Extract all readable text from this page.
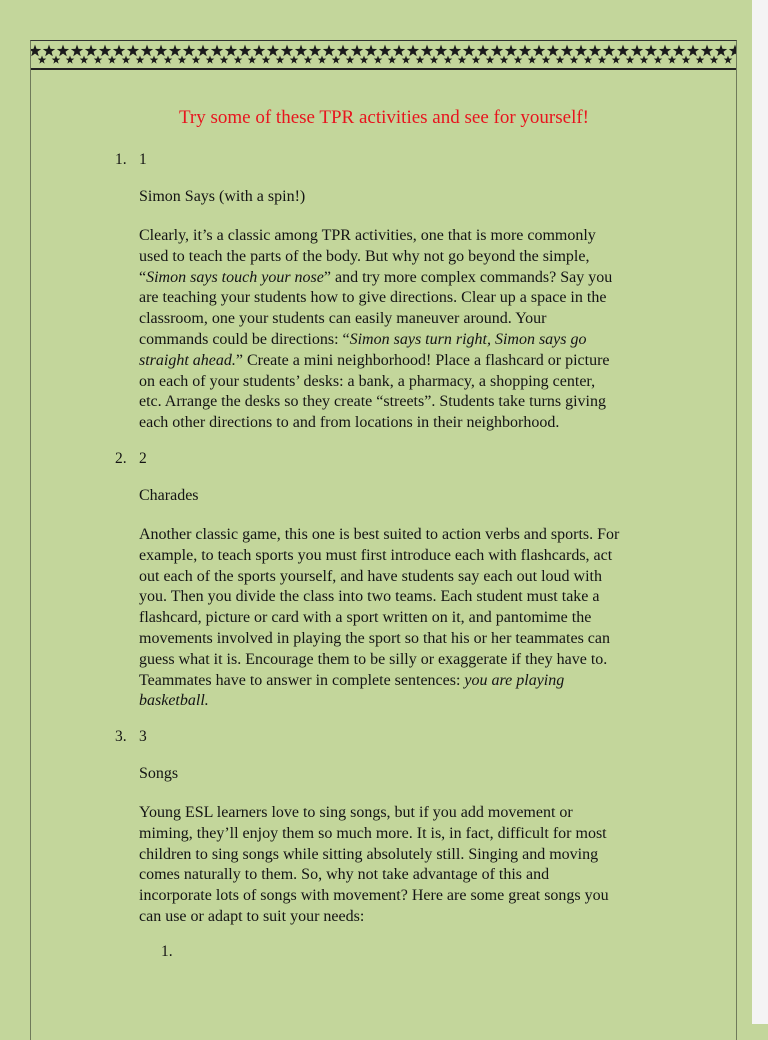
Try some of these TPR activities and see for yourself!
1. 1
Simon Says (with a spin!)
Clearly, it’s a classic among TPR activities, one that is more commonly
used to teach the parts of the body. But why not go beyond the simple,
“Simon says touch your nose” and try more complex commands? Say you
are teaching your students how to give directions. Clear up a space in the
classroom, one your students can easily maneuver around. Your
commands could be directions: “Simon says turn right, Simon says go
straight ahead.” Create a mini neighborhood! Place a flashcard or picture
on each of your students’ desks: a bank, a pharmacy, a shopping center,
etc. Arrange the desks so they create “streets”. Students take turns giving
each other directions to and from locations in their neighborhood.
2. 2
Charades
Another classic game, this one is best suited to action verbs and sports. For
example, to teach sports you must first introduce each with flashcards, act
out each of the sports yourself, and have students say each out loud with
you. Then you divide the class into two teams. Each student must take a
flashcard, picture or card with a sport written on it, and pantomime the
movements involved in playing the sport so that his or her teammates can
guess what it is. Encourage them to be silly or exaggerate if they have to.
Teammates have to answer in complete sentences: you are playing
basketball.
3. 3
Songs
Young ESL learners love to sing songs, but if you add movement or
miming, they’ll enjoy them so much more. It is, in fact, difficult for most
children to sing songs while sitting absolutely still. Singing and moving
comes naturally to them. So, why not take advantage of this and
incorporate lots of songs with movement? Here are some great songs you
can use or adapt to suit your needs:
1.
